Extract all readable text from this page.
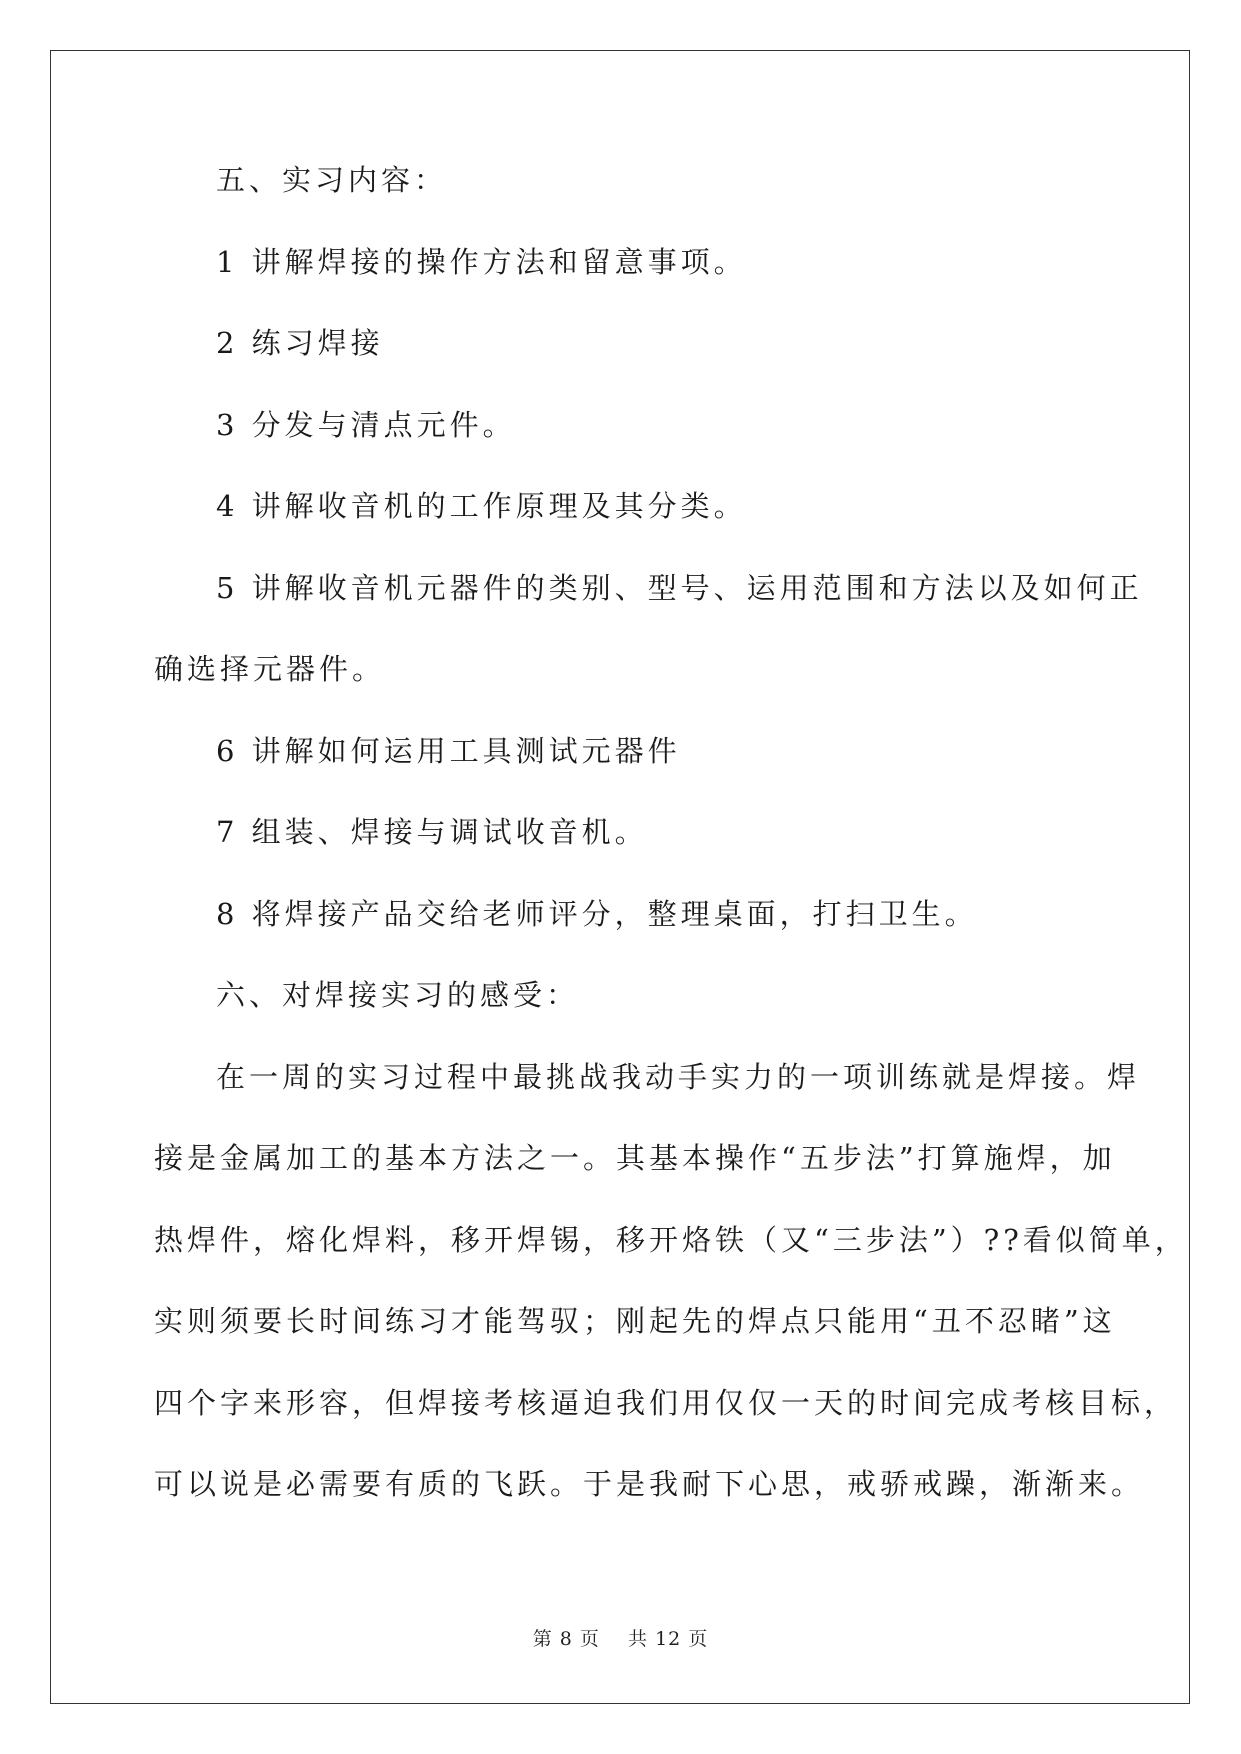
五、实习内容：
1 讲解焊接的操作方法和留意事项。
2 练习焊接
3 分发与清点元件。
4 讲解收音机的工作原理及其分类。
5 讲解收音机元器件的类别、型号、运用范围和方法以及如何正
确选择元器件。
6 讲解如何运用工具测试元器件
7 组装、焊接与调试收音机。
8 将焊接产品交给老师评分，整理桌面，打扫卫生。
六、对焊接实习的感受：
在一周的实习过程中最挑战我动手实力的一项训练就是焊接。焊
接是金属加工的基本方法之一。其基本操作“五步法”打算施焊，加
热焊件，熔化焊料，移开焊锡，移开烙铁（又“三步法”）??看似简单，
实则须要长时间练习才能驾驭；刚起先的焊点只能用“丑不忍睹”这
四个字来形容，但焊接考核逼迫我们用仅仅一天的时间完成考核目标，
可以说是必需要有质的飞跃。于是我耐下心思，戒骄戒躁，渐渐来。
第 8 页 共 12 页
